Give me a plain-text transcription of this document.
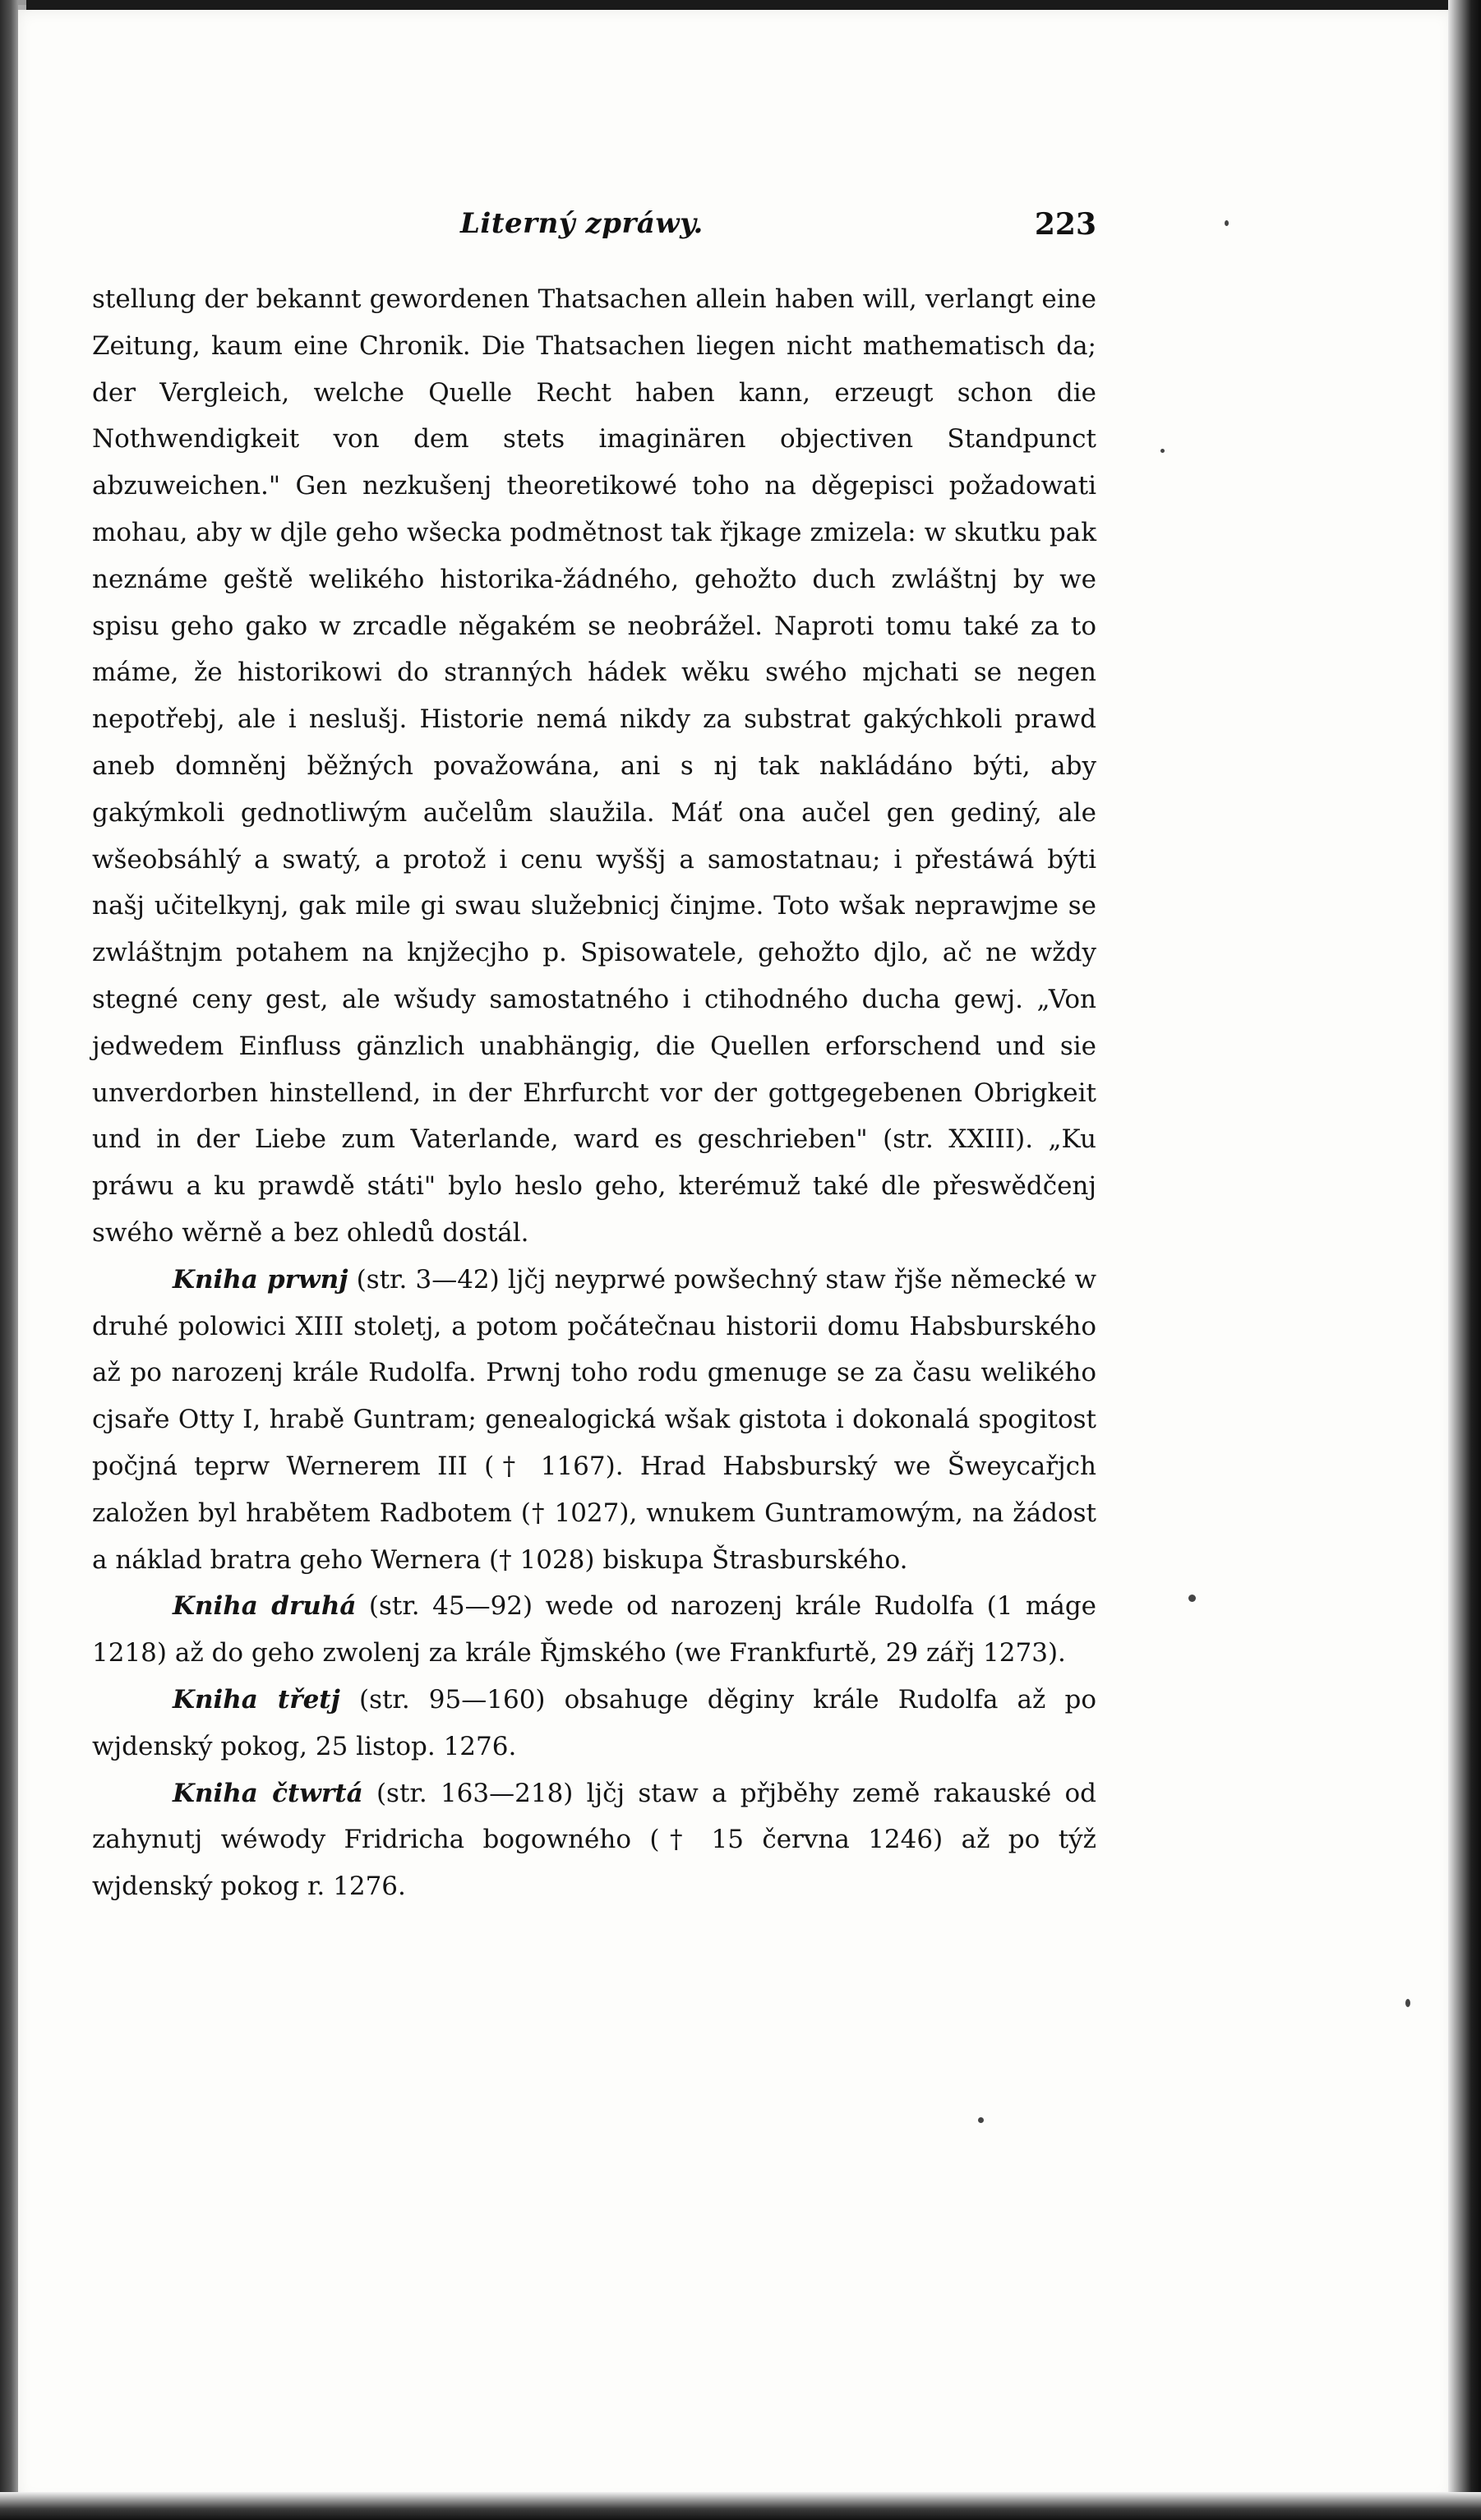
Literný zpráwy.	223

stellung der bekannt gewordenen Thatsachen allein haben will, verlangt eine Zeitung, kaum eine Chronik. Die Thatsachen liegen nicht mathematisch da; der Vergleich, welche Quelle Recht haben kann, erzeugt schon die Nothwendigkeit von dem stets imaginären objectiven Standpunct abzuweichen." Gen nezkušenj theoretikowé toho na děgepisci požadowati mohau, aby w djle geho wšecka podmětnost tak řjkage zmizela: w skutku pak neznáme geště welikého historika-žádného, gehožto duch zwláštnj by we spisu geho gako w zrcadle něgakém se neobrážel. Naproti tomu také za to máme, že historikowi do stranných hádek wěku swého mjchati se negen nepotřebj, ale i neslušj. Historie nemá nikdy za substrat gakýchkoli prawd aneb domněnj běžných považowána, ani s nj tak nakládáno býti, aby gakýmkoli gednotliwým aučelům slaužila. Máť ona aučel gen gediný, ale wšeobsáhlý a swatý, a protož i cenu wyššj a samostatnau; i přestáwá býti našj učitelkynj, gak mile gi swau služebnicj činjme. Toto wšak neprawjme se zwláštnjm potahem na knjžecjho p. Spisowatele, gehožto djlo, ač ne wždy stegné ceny gest, ale wšudy samostatného i ctihodného ducha gewj. „Von jedwedem Einfluss gänzlich unabhängig, die Quellen erforschend und sie unverdorben hinstellend, in der Ehrfurcht vor der gottgegebenen Obrigkeit und in der Liebe zum Vaterlande, ward es geschrieben" (str. XXIII). „Ku práwu a ku prawdě státi" bylo heslo geho, kterémuž také dle přeswědčenj swého wěrně a bez ohledů dostál.

Kniha prwnj (str. 3—42) ljčj neyprwé powšechný staw řjše německé w druhé polowici XIII stoletj, a potom počátečnau historii domu Habsburského až po narozenj krále Rudolfa. Prwnj toho rodu gmenuge se za času welikého cjsaře Otty I, hrabě Guntram; genealogická wšak gistota i dokonalá spogitost počjná teprw Wernerem III († 1167). Hrad Habsburský we Šweycařjch založen byl hrabětem Radbotem († 1027), wnukem Guntramowým, na žádost a náklad bratra geho Wernera († 1028) biskupa Štrasburského.

Kniha druhá (str. 45—92) wede od narozenj krále Rudolfa (1 máge 1218) až do geho zwolenj za krále Řjmského (we Frankfurtě, 29 zářj 1273).

Kniha třetj (str. 95—160) obsahuge děginy krále Rudolfa až po wjdenský pokog, 25 listop. 1276.

Kniha čtwrtá (str. 163—218) ljčj staw a přjběhy země rakauské od zahynutj wéwody Fridricha bogowného († 15 června 1246) až po týž wjdenský pokog r. 1276.
